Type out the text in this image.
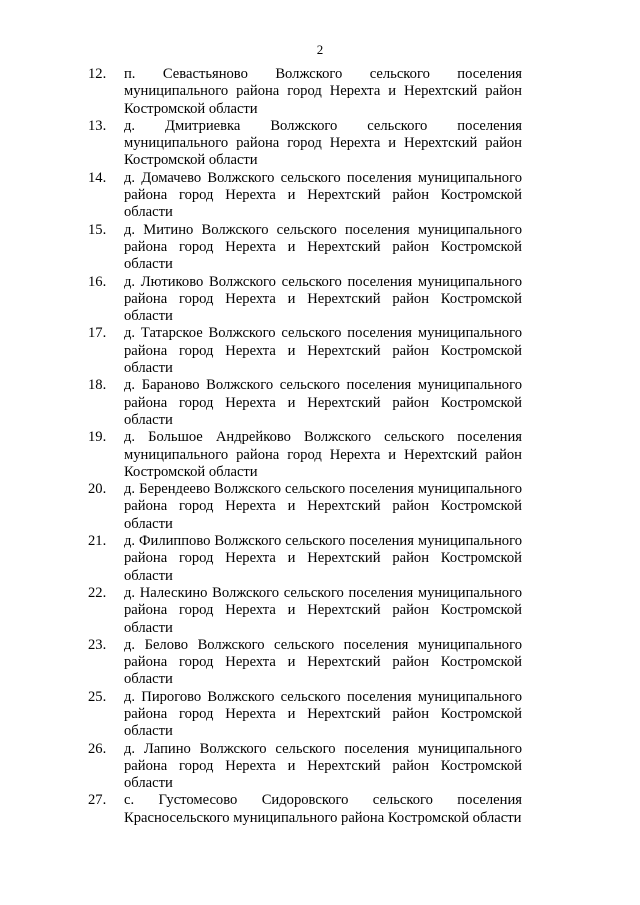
2
12.	п. Севастьяново Волжского сельского поселения муниципального района город Нерехта и Нерехтский район Костромской области
13.	д. Дмитриевка Волжского сельского поселения муниципального района город Нерехта и Нерехтский район Костромской области
14.	д. Домачево Волжского сельского поселения муниципального района город Нерехта и Нерехтский район Костромской области
15.	д. Митино Волжского сельского поселения муниципального района город Нерехта и Нерехтский район Костромской области
16.	д. Лютиково Волжского сельского поселения муниципального района город Нерехта и Нерехтский район Костромской области
17.	д. Татарское Волжского сельского поселения муниципального района город Нерехта и Нерехтский район Костромской области
18.	д. Бараново Волжского сельского поселения муниципального района город Нерехта и Нерехтский район Костромской области
19.	д. Большое Андрейково Волжского сельского поселения муниципального района город Нерехта и Нерехтский район Костромской области
20.	д. Берендеево Волжского сельского поселения муниципального района город Нерехта и Нерехтский район Костромской области
21.	д. Филиппово Волжского сельского поселения муниципального района город Нерехта и Нерехтский район Костромской области
22.	д. Налескино Волжского сельского поселения муниципального района город Нерехта и Нерехтский район Костромской области
23.	д. Белово Волжского сельского поселения муниципального района город Нерехта и Нерехтский район Костромской области
25.	д. Пирогово Волжского сельского поселения муниципального района город Нерехта и Нерехтский район Костромской области
26.	д. Лапино Волжского сельского поселения муниципального района город Нерехта и Нерехтский район Костромской области
27.	с. Густомесово Сидоровского сельского поселения Красносельского муниципального района Костромской области
